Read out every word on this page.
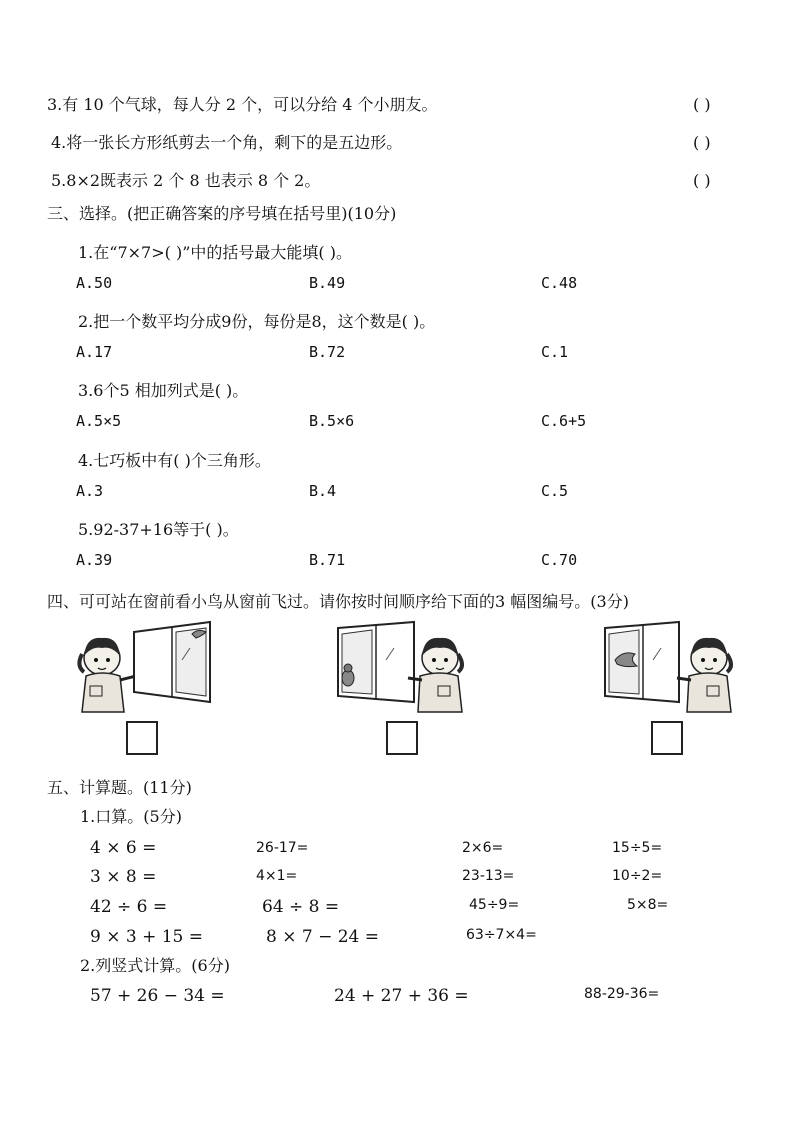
3.有 10 个气球，每人分 2 个，可以分给 4 个小朋友。	( )
4.将一张长方形纸剪去一个角，剩下的是五边形。	( )
5.8×2既表示 2 个 8 也表示 8 个 2。	( )
三、选择。(把正确答案的序号填在括号里)(10分)
1.在“7×7>( )”中的括号最大能填( )。
A.50	B.49	C.48
2.把一个数平均分成9份，每份是8，这个数是( )。
A.17	B.72	C.1
3.6个5 相加列式是( )。
A.5×5	B.5×6	C.6+5
4.七巧板中有( )个三角形。
A.3	B.4	C.5
5.92-37+16等于( )。
A.39	B.71	C.70
四、可可站在窗前看小鸟从窗前飞过。请你按时间顺序给下面的3 幅图编号。(3分)
五、计算题。(11分)
1.口算。(5分)
4 × 6 =	26-17=	2×6=	15÷5=
3 × 8 =	4×1=	23-13=	10÷2=
42 ÷ 6 =	64 ÷ 8 =	45÷9=	5×8=
9 × 3 + 15 =	8 × 7 − 24 =	63÷7×4=
2.列竖式计算。(6分)
57 + 26 − 34 =	24 + 27 + 36 =	88-29-36=
